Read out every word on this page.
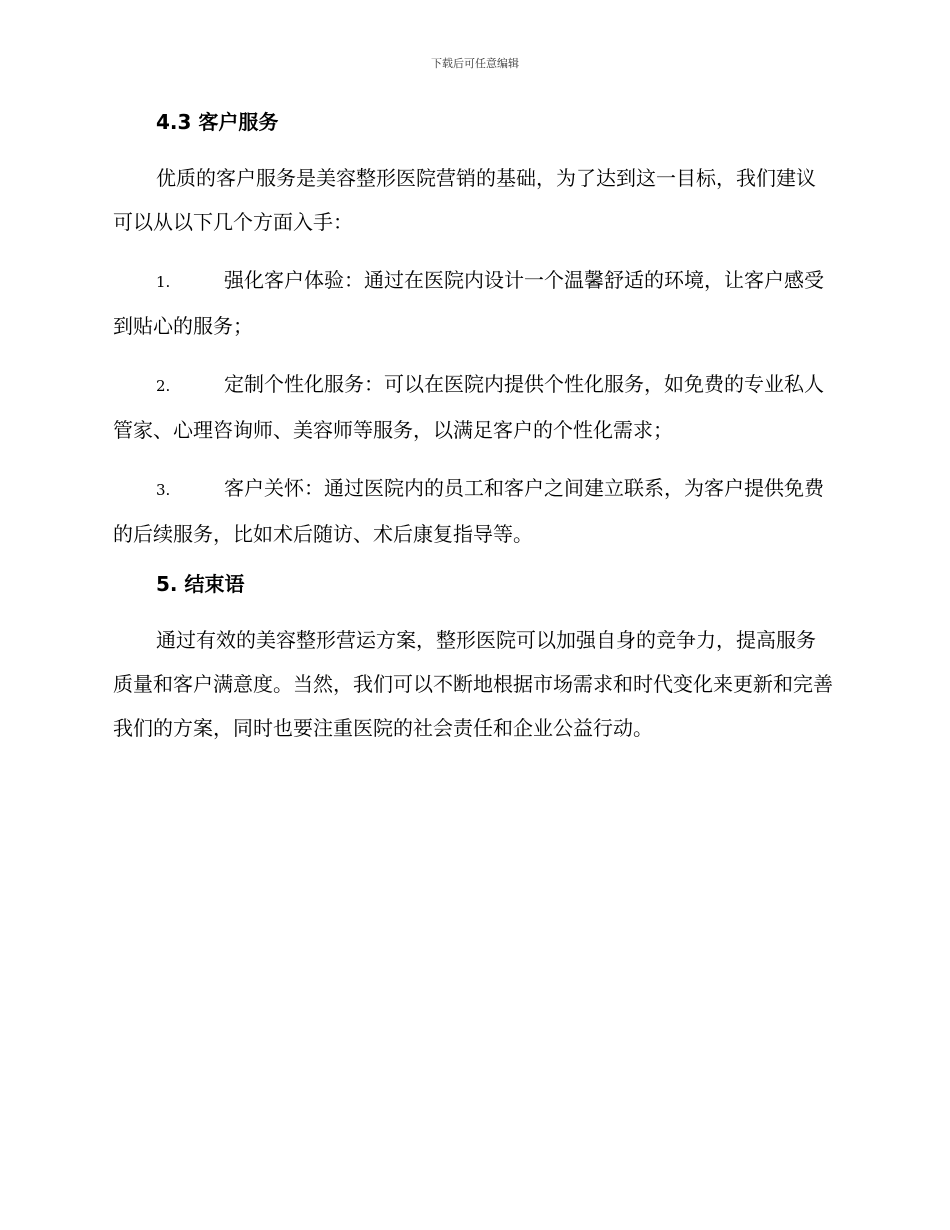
下载后可任意编辑
4.3 客户服务

优质的客户服务是美容整形医院营销的基础，为了达到这一目标，我们建议可以从以下几个方面入手：

1.	强化客户体验：通过在医院内设计一个温馨舒适的环境，让客户感受到贴心的服务；
2.	定制个性化服务：可以在医院内提供个性化服务，如免费的专业私人管家、心理咨询师、美容师等服务，以满足客户的个性化需求；
3.	客户关怀：通过医院内的员工和客户之间建立联系，为客户提供免费的后续服务，比如术后随访、术后康复指导等。
5. 结束语

通过有效的美容整形营运方案，整形医院可以加强自身的竞争力，提高服务质量和客户满意度。当然，我们可以不断地根据市场需求和时代变化来更新和完善我们的方案，同时也要注重医院的社会责任和企业公益行动。
